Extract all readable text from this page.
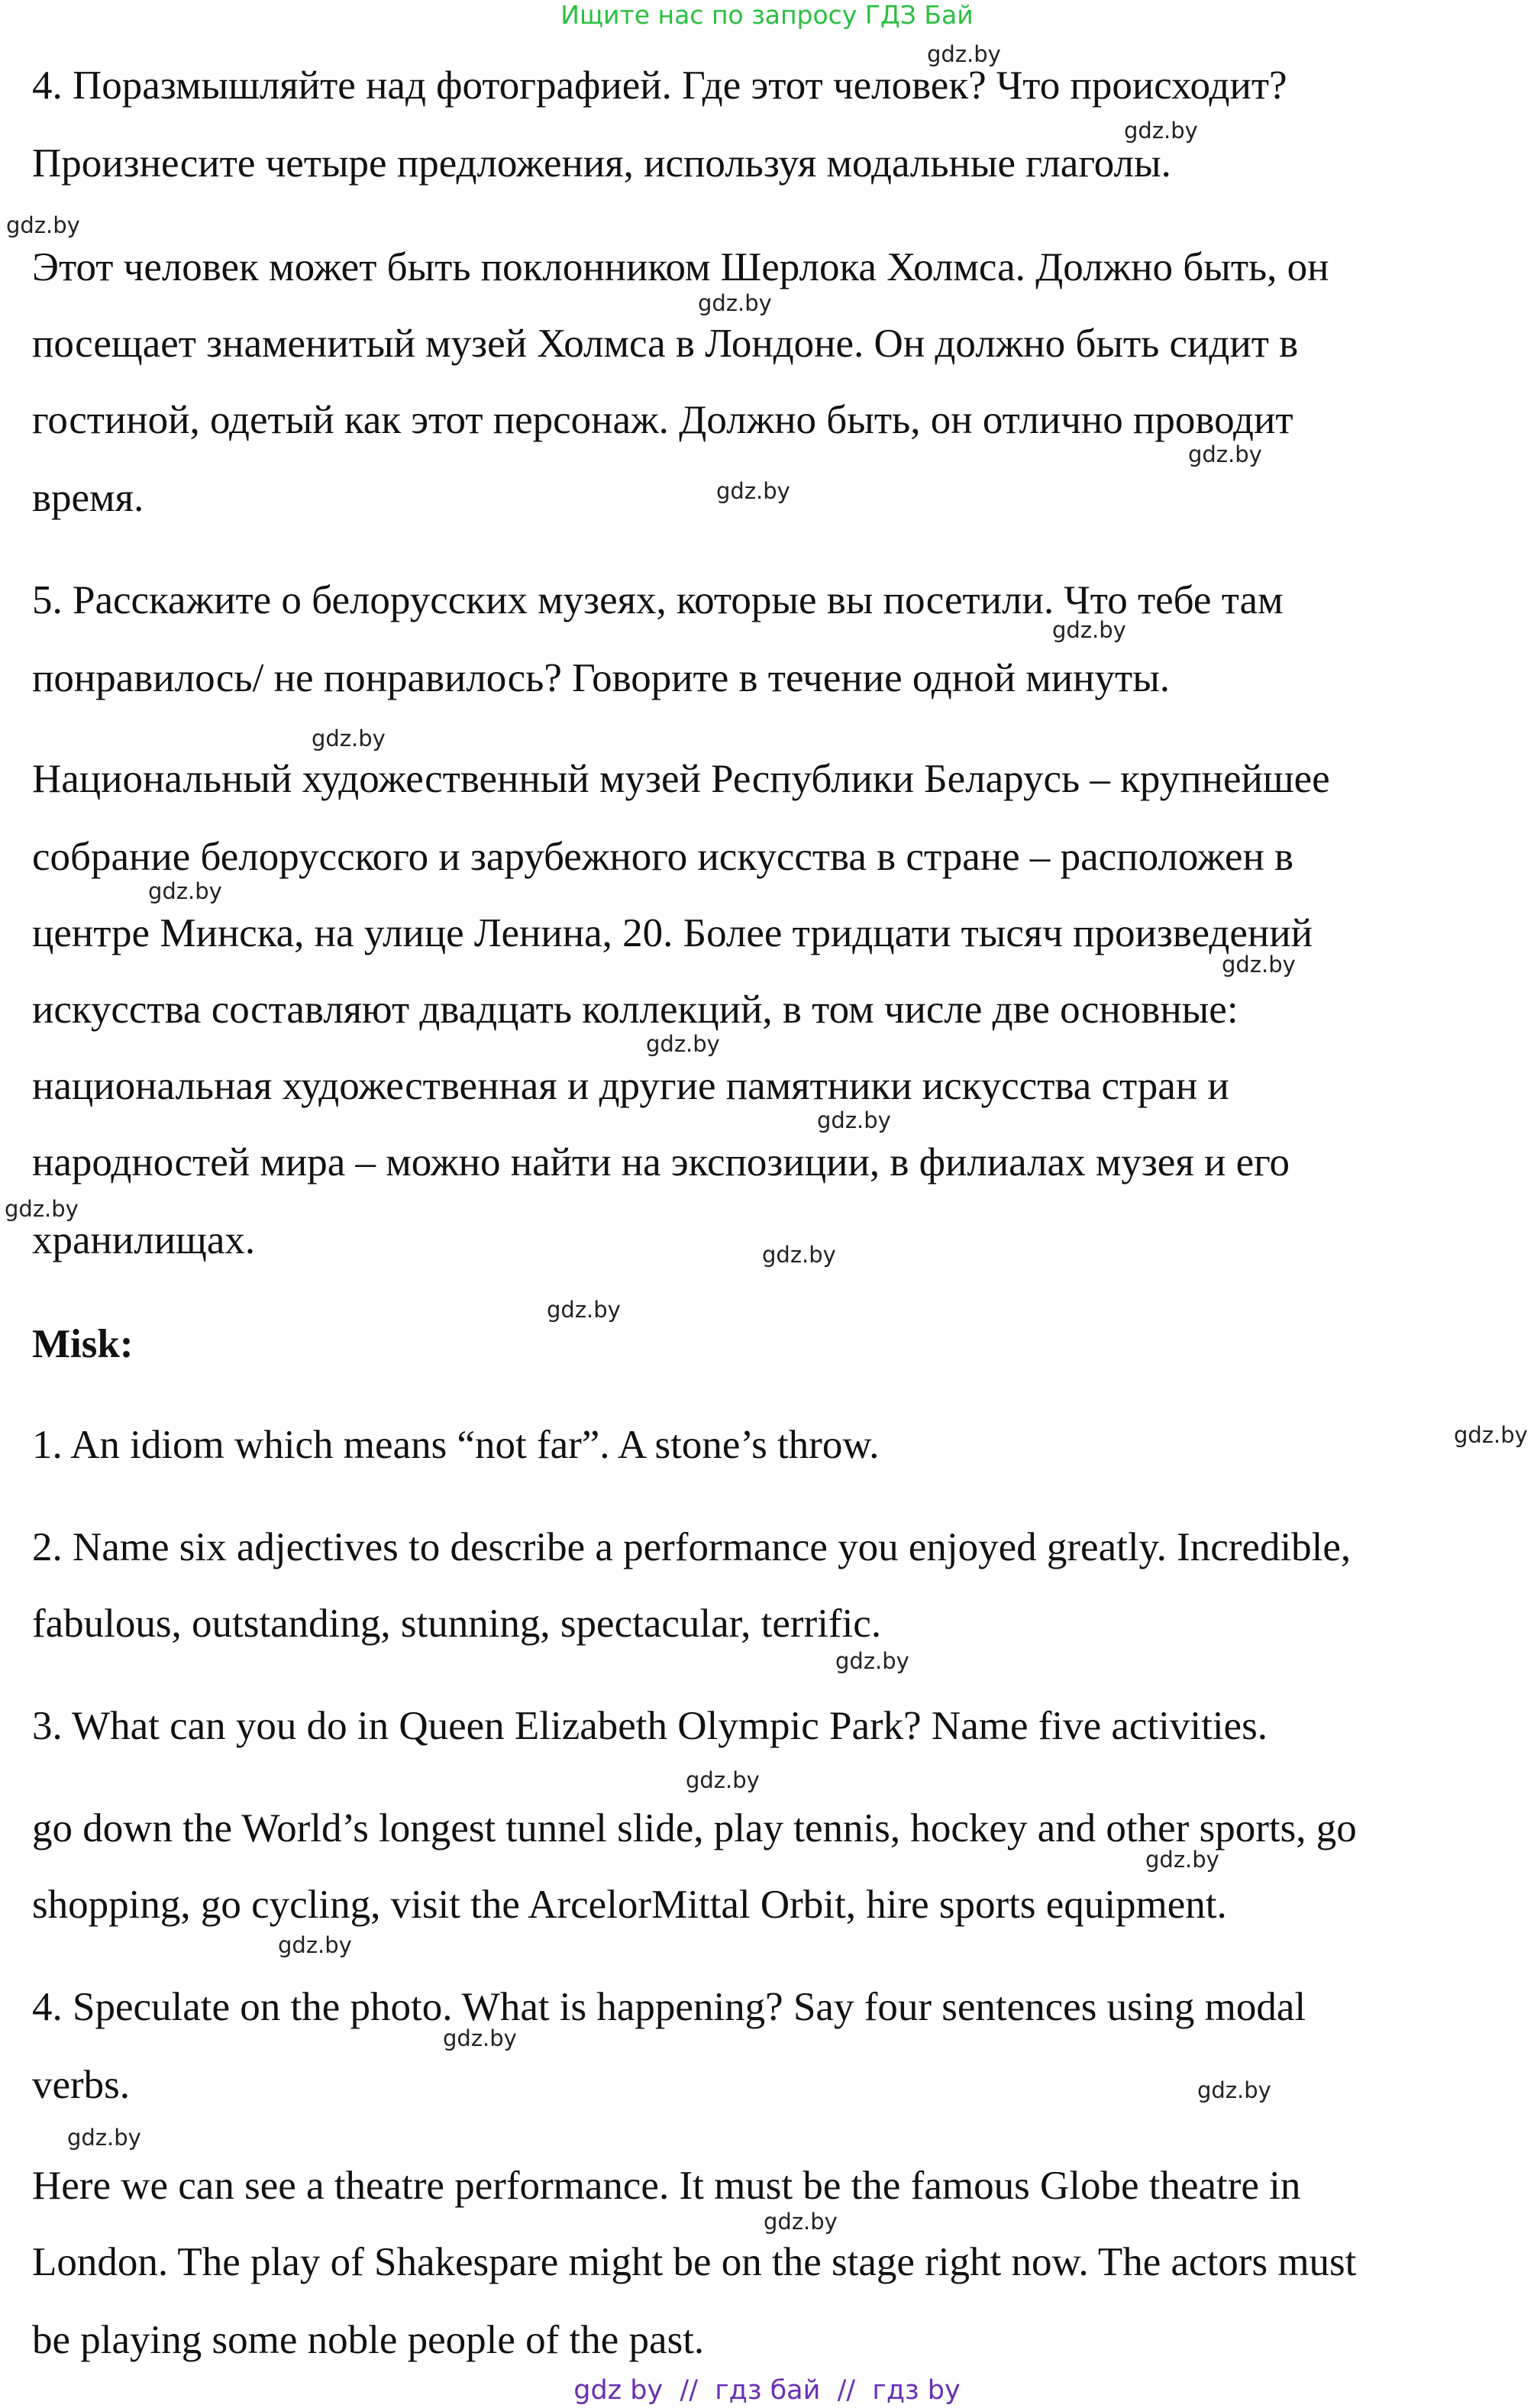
Ищите нас по запросу ГДЗ Бай
4. Поразмышляйте над фотографией. Где этот человек? Что происходит?
Произнесите четыре предложения, используя модальные глаголы.
Этот человек может быть поклонником Шерлока Холмса. Должно быть, он
посещает знаменитый музей Холмса в Лондоне. Он должно быть сидит в
гостиной, одетый как этот персонаж. Должно быть, он отлично проводит
время.
5. Расскажите о белорусских музеях, которые вы посетили. Что тебе там
понравилось/ не понравилось? Говорите в течение одной минуты.
Национальный художественный музей Республики Беларусь – крупнейшее
собрание белорусского и зарубежного искусства в стране – расположен в
центре Минска, на улице Ленина, 20. Более тридцати тысяч произведений
искусства составляют двадцать коллекций, в том числе две основные:
национальная художественная и другие памятники искусства стран и
народностей мира – можно найти на экспозиции, в филиалах музея и его
хранилищах.
Misk:
1. An idiom which means “not far”. A stone’s throw.
2. Name six adjectives to describe a performance you enjoyed greatly. Incredible,
fabulous, outstanding, stunning, spectacular, terrific.
3. What can you do in Queen Elizabeth Olympic Park? Name five activities.
go down the World’s longest tunnel slide, play tennis, hockey and other sports, go
shopping, go cycling, visit the ArcelorMittal Orbit, hire sports equipment.
4. Speculate on the photo. What is happening? Say four sentences using modal
verbs.
Here we can see a theatre performance. It must be the famous Globe theatre in
London. The play of Shakespare might be on the stage right now. The actors must
be playing some noble people of the past.
gdz.by
gdz.by
gdz.by
gdz.by
gdz.by
gdz.by
gdz.by
gdz.by
gdz.by
gdz.by
gdz.by
gdz.by
gdz.by
gdz.by
gdz.by
gdz.by
gdz.by
gdz.by
gdz.by
gdz.by
gdz.by
gdz.by
gdz.by
gdz.by
gdz by  //  гдз бай  //  гдз by
